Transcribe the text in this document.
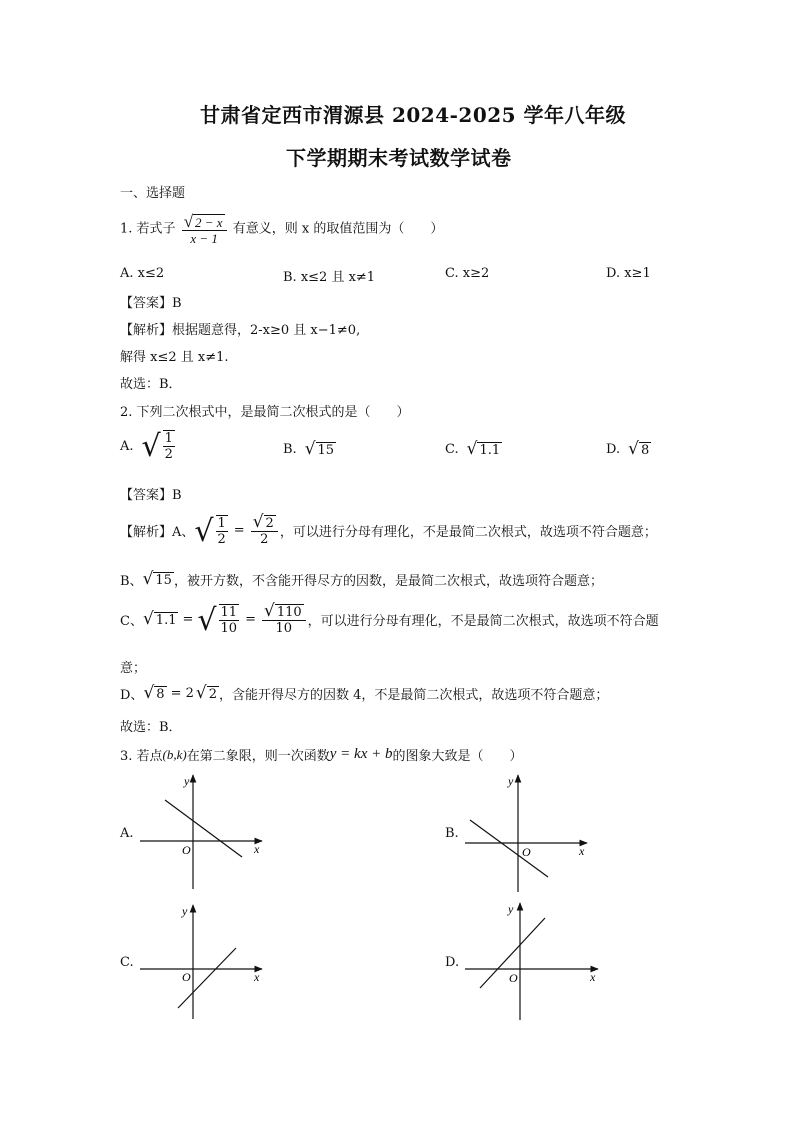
甘肃省定西市渭源县 2024-2025 学年八年级
下学期期末考试数学试卷
一、选择题
1. 若式子 $\frac{√ 2 - x}{x - 1}$ 有意义，则 x 的取值范围为（　　）
A. x≤2	B. x≤2 且 x≠1	C. x≥2	D. x≥1
【答案】B
【解析】根据题意得，2-x≥0 且 x−1≠0,
解得 x≤2 且 x≠1.
故选：B．
2. 下列二次根式中，是最简二次根式的是（　　）
A. √ $\frac{1}{2}$	B. √ 15	C. √ 1.1	D. √ 8
【答案】B
【解析】A、 √ $\frac{1}{2} = \frac{√ 2}{2}$ ，可以进行分母有理化，不是最简二次根式，故选项不符合题意；
B、 √ 15 ，被开方数，不含能开得尽方的因数，是最简二次根式，故选项符合题意；
C、 √ 1.1 = √ $\frac{11}{10} = \frac{√ 110}{10}$ ，可以进行分母有理化，不是最简二次根式，故选项不符合题
意；
D、 √ 8 = 2 √ 2 ，含能开得尽方的因数 4，不是最简二次根式，故选项不符合题意；
故选：B．
3. 若点 (b,k) 在第二象限，则一次函数 y = kx + b 的图象大致是（　　）
A.	B.
C.	D.
y
x
O
y
x
O
y
x
O
y
x
O
